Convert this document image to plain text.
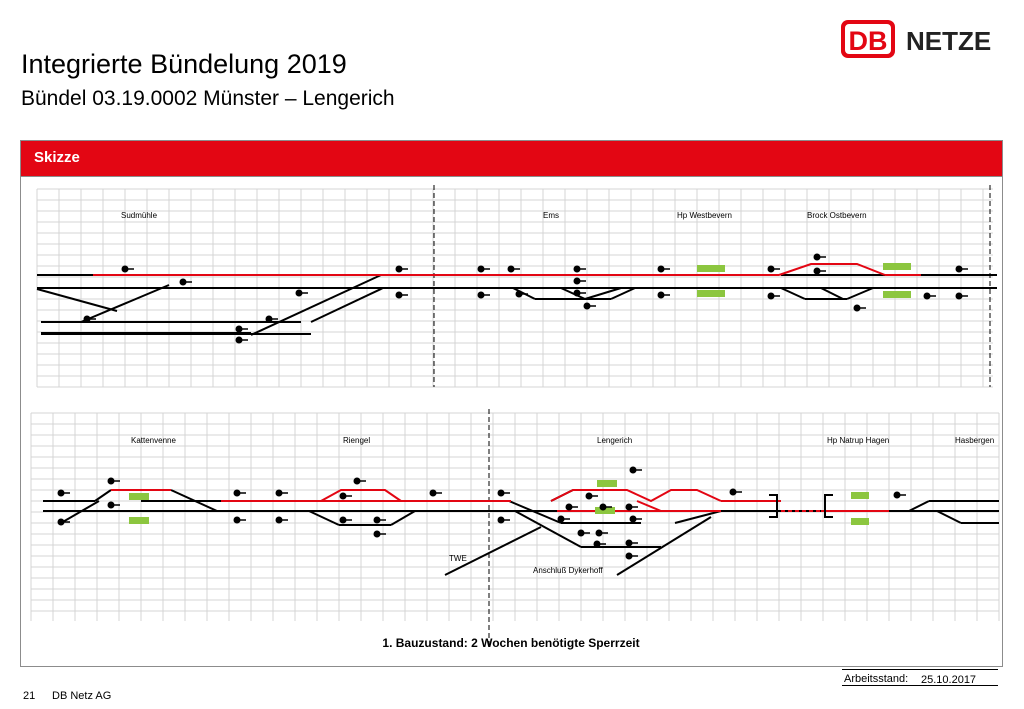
Integrierte Bündelung 2019
Bündel 03.19.0002 Münster – Lengerich
DB NETZE
Skizze
Sudmühle	Ems	Hp Westbevern	Brock Ostbevern
Kattenvenne	Riengel	Lengerich	Hp Natrup Hagen	Hasbergen
TWE
Anschluß Dykerhoff
1. Bauzustand: 2 Wochen benötigte Sperrzeit
21 DB Netz AG
Arbeitsstand: 25.10.2017
